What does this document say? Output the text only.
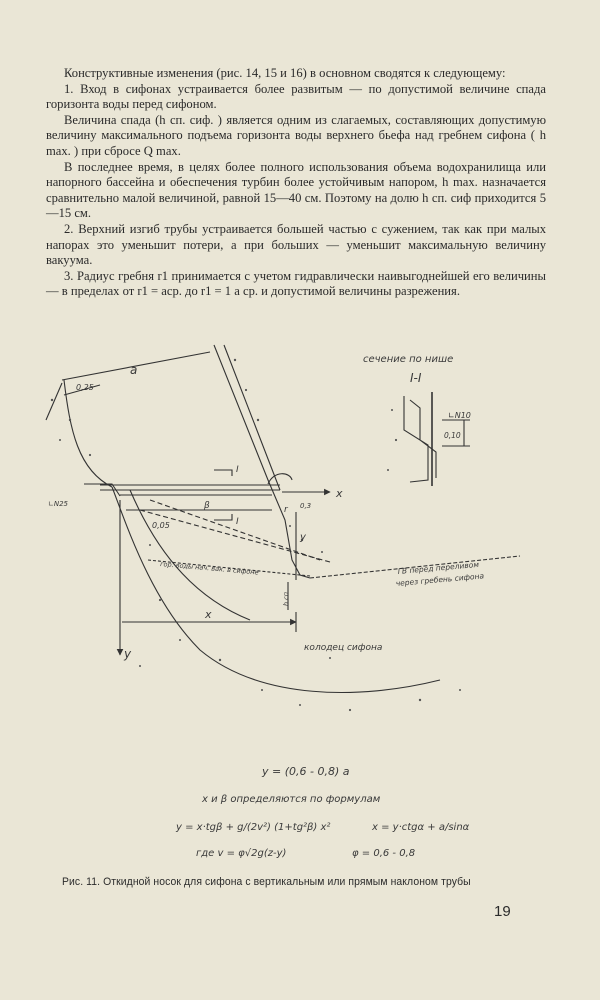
Конструктивные изменения (рис. 14, 15 и 16) в основном сводятся к следующему:

1. Вход в сифонах устраивается более развитым — по допустимой величине спада горизонта воды перед сифоном.

Величина спада (h сп. сиф. ) является одним из слагаемых, составляющих допустимую величину максимального подъема горизонта воды верхнего бьефа над гребнем сифона ( h max. ) при сбросе Q max.

В последнее время, в целях более полного использования объема водохранилища или напорного бассейна и обеспечения турбин более устойчивым напором, h max. назначается сравнительно малой величиной, равной 15—40 см. Поэтому на долю h сп. сиф приходится 5—15 см.

2. Верхний изгиб трубы устраивается большей частью с сужением, так как при малых напорах это уменьшит потери, а при больших — уменьшит максимальную величину вакуума.

3. Радиус гребня r1 принимается с учетом гидравлически наивыгоднейшей его величины — в пределах от r1 = aср. до r1 = 1 a ср. и допустимой величины разрежения.

сечение по нише
I-I
∟N10
0,10
a
0,25
0,05
x
y
x
y
I
I
β	r
∟N25	0,3
h сп
гор. воды нач. вак. в сифоне	ГВ перед переливом
через гребень сифона
колодец сифона
y = (0,6 - 0,8) a
x и β определяются по формулам
y = x·tgβ + g/(2v²) (1+tg²β) x²	x = y·ctgα + a/sinα
где v = φ√2g(z-y)	φ = 0,6 - 0,8
Рис. 11. Откидной носок для сифона с вертикальным или прямым наклоном трубы
19
